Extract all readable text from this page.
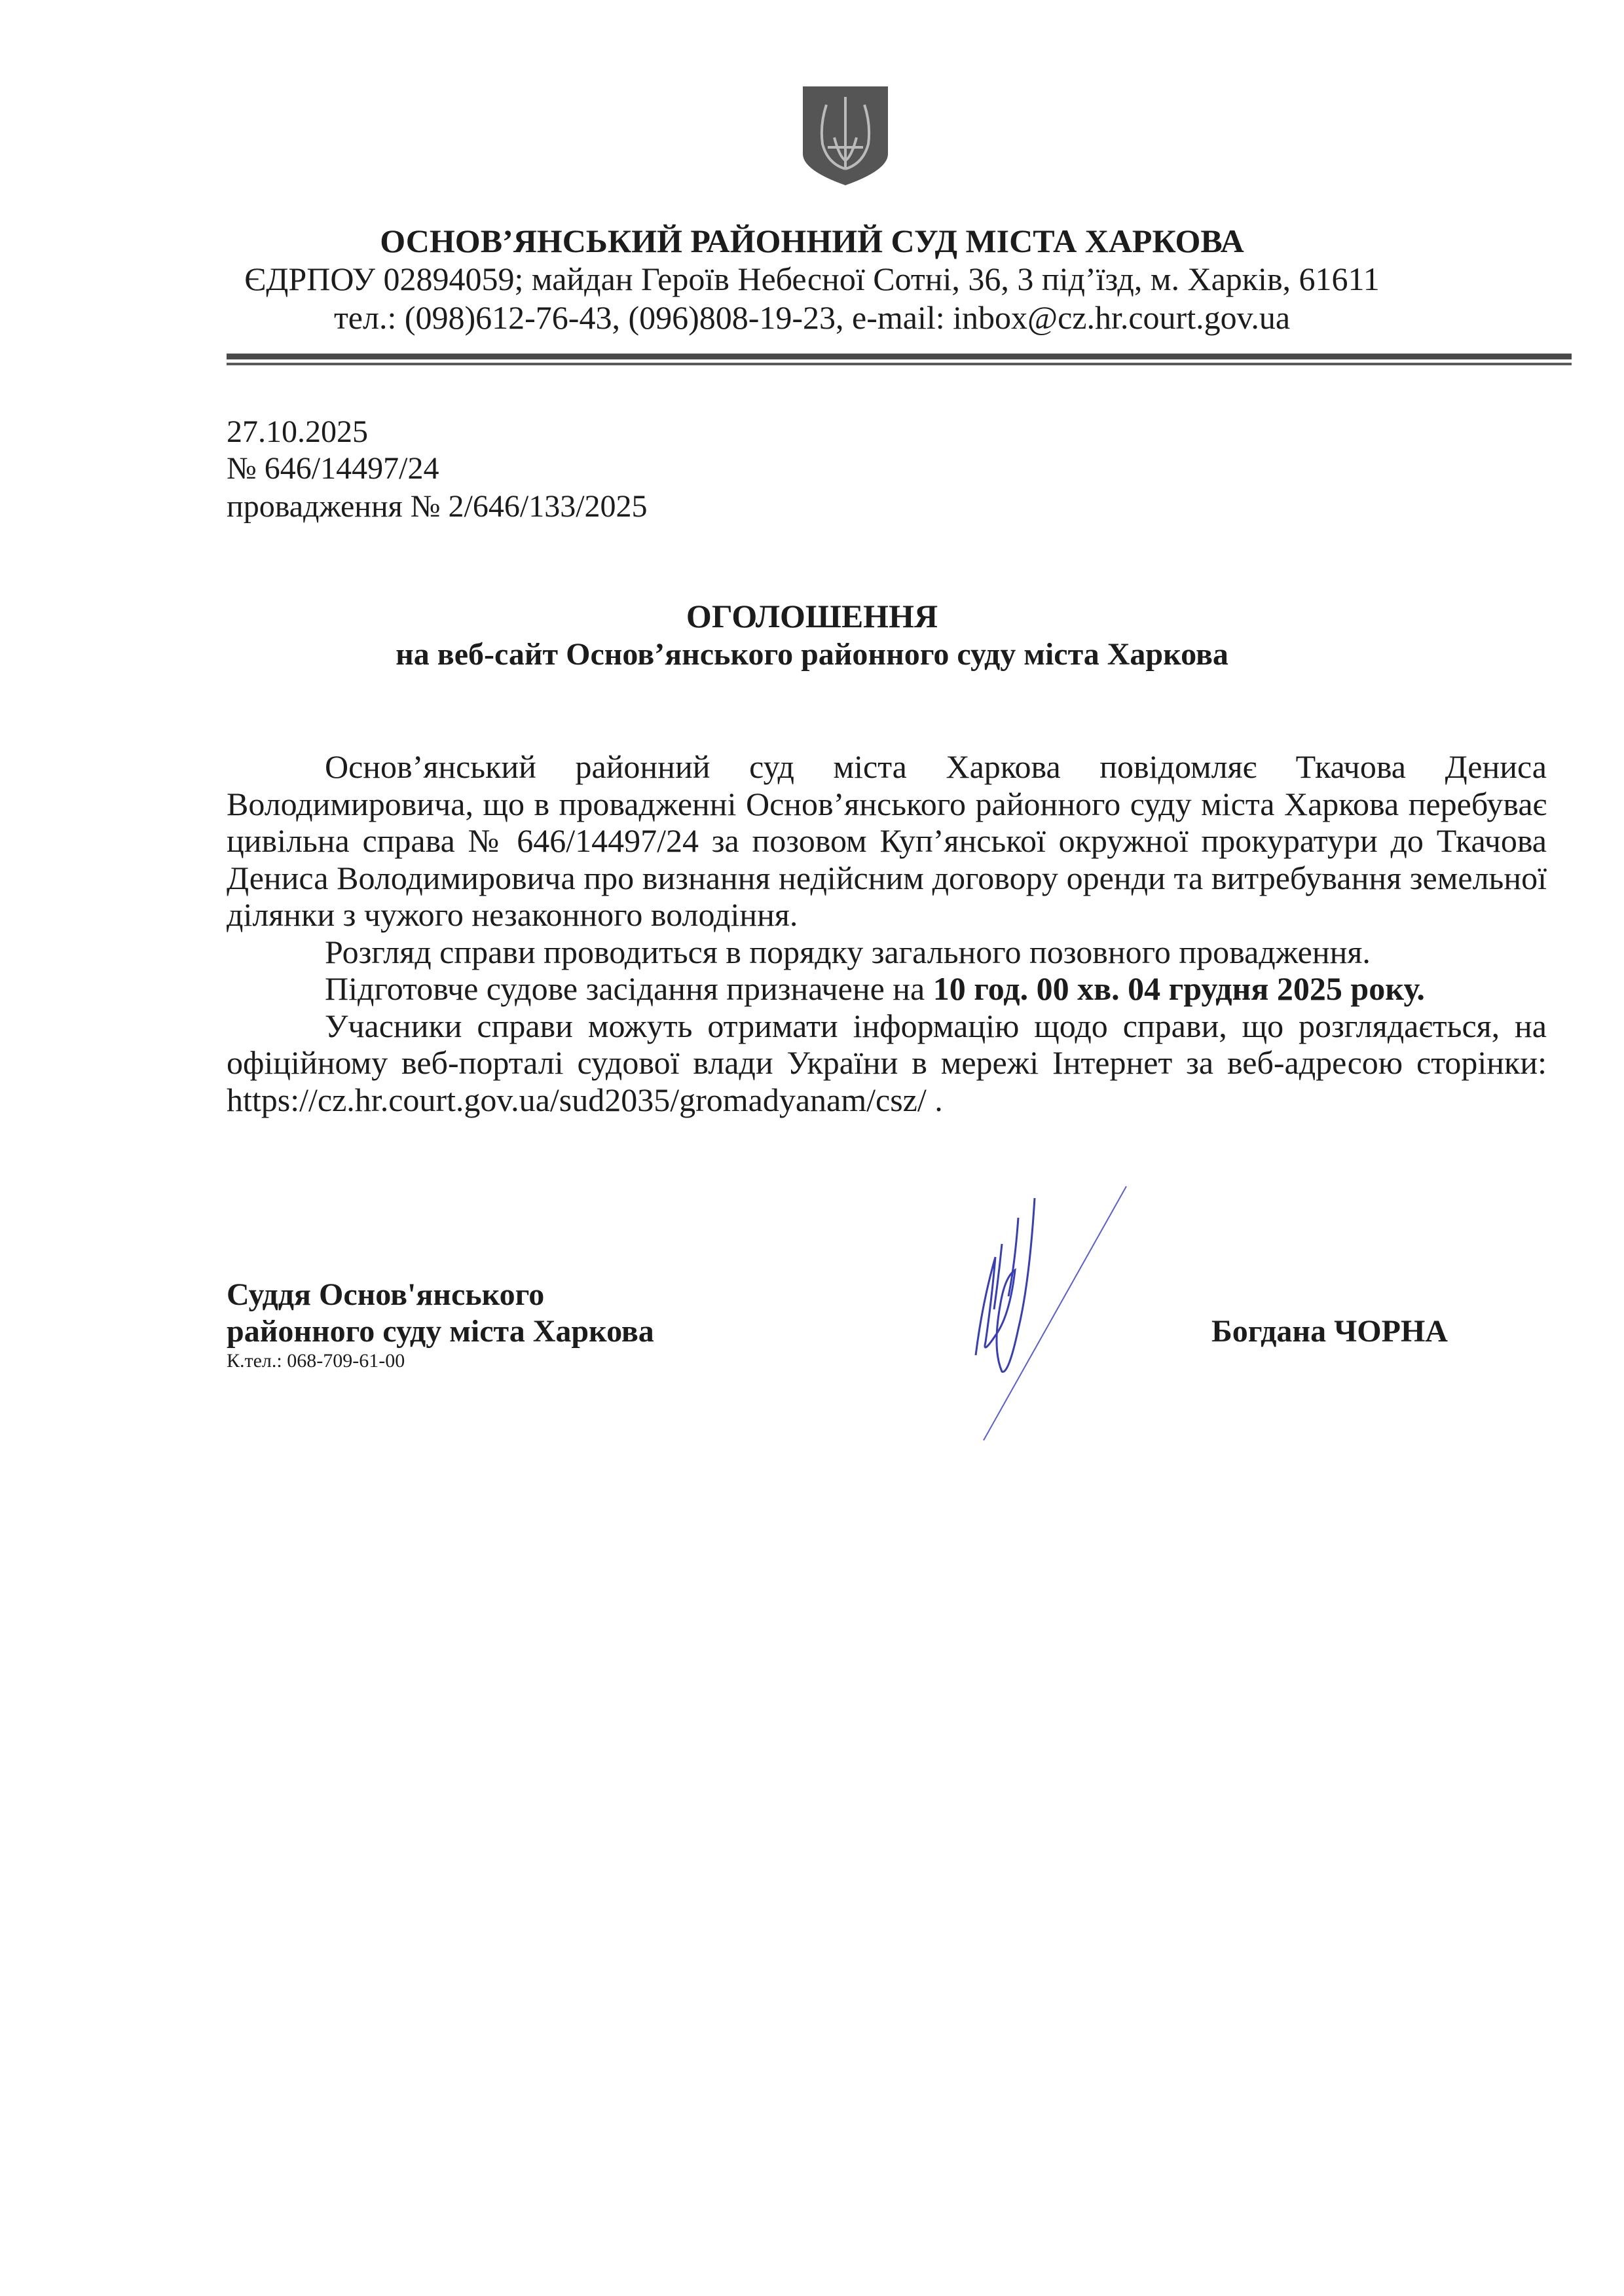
ОСНОВ’ЯНСЬКИЙ РАЙОННИЙ СУД МІСТА ХАРКОВА
ЄДРПОУ 02894059; майдан Героїв Небесної Сотні, 36, 3 під’їзд, м. Харків, 61611
тел.: (098)612-76-43, (096)808-19-23, e-mail: inbox@cz.hr.court.gov.ua
27.10.2025
№ 646/14497/24
провадження № 2/646/133/2025
ОГОЛОШЕННЯ
на веб-сайт Основ’янського районного суду міста Харкова

Основ’янський районний суд міста Харкова повідомляє Ткачова Дениса Володимировича, що в провадженні Основ’янського районного суду міста Харкова перебуває цивільна справа № 646/14497/24 за позовом Куп’янської окружної прокуратури до Ткачова Дениса Володимировича про визнання недійсним договору оренди та витребування земельної ділянки з чужого незаконного володіння.

Розгляд справи проводиться в порядку загального позовного провадження.

Підготовче судове засідання призначене на 10 год. 00 хв. 04 грудня 2025 року.

Учасники справи можуть отримати інформацію щодо справи, що розглядається, на офіційному веб-порталі судової влади України в мережі Інтернет за веб-адресою сторінки: https://cz.hr.court.gov.ua/sud2035/gromadyanam/csz/ .

Суддя Основ'янського
районного суду міста Харкова
К.тел.: 068-709-61-00
Богдана ЧОРНА
